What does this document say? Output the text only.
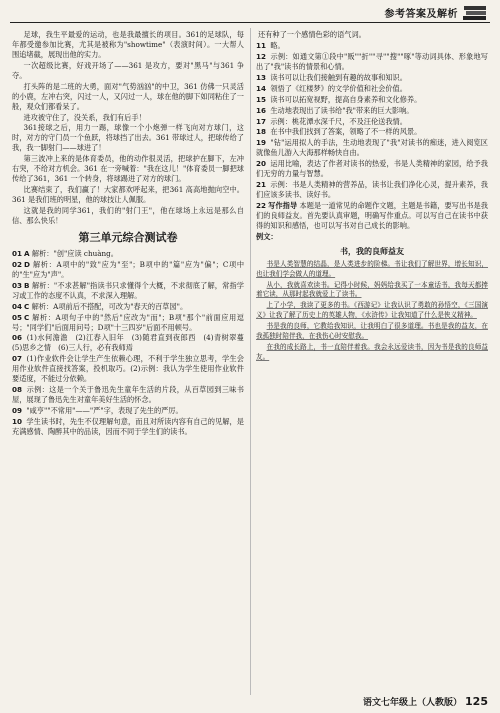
参考答案及解析

足球，我生平最爱的运动，也是我最擅长的项目。361的足球队，每年都受邀参加比赛，尤其是被称为"showtime"（表演时间）。一大帮人围追堵截，展现出他的实力。

一次超级比赛，好戏开场了——361 是攻方，要对"黑马"与361 争夺。

打头阵的是二班的大勇，面对"气势汹汹"的中卫，361 仿佛一只灵活的小鹿，左冲右突，闪过一人，又闪过一人，球在他的脚下如同粘住了一般，观众们都看呆了。

进攻被守住了，没关系，我们有后手！

361接球之后，用力一踢，球像一个小炮弹一样飞向对方球门，这时，对方的守门员一个鱼跃，将球挡了出去。361 带球过人，把球传给了我，我一脚射门——球进了！

第三波冲上来的是体育委员，他的动作很灵活，把球护在脚下，左冲右突，不给对方机会。361 在一旁喊着："我在这儿！"体育委员一脚把球传给了361，361 一个转身，将球踢进了对方的球门。

比赛结束了，我们赢了！大家都欢呼起来，把361 高高地抛向空中。361 是我们班的明星，他的球技让人佩服。

这就是我的同学361，我们的"射门王"，他在球场上永远是那么自信、那么快乐！

第三单元综合测试卷
01 A 解析："创"应读 chuàng。
02 D 解析：A项中的"致"应为"至"；B项中的"篇"应为"偏"；C项中的"生"应为"声"。
03 B 解析："不求甚解"指读书只求懂得个大概，不求彻底了解，常指学习或工作的态度不认真，不求深入理解。
04 C 解析：A项前后不搭配，可改为"春天的百草园"。
05 C 解析：A项句子中的"然后"应改为"而"；B项"那个"前面应用逗号；"同学们"后面用问号；D项"十三四岁"后面不用顿号。
06 (1)水何澹澹　(2)江春入旧年　(3)随君直到夜郎西　(4)青树翠蔓　(5)思乡之情　(6)三人行，必有我师焉
07 (1)作业软件会让学生产生依赖心理，不利于学生独立思考，学生会用作业软件直接找答案，投机取巧。(2)示例：我认为学生使用作业软件要适度，不能过分依赖。
08 示例：这是一个关于鲁迅先生童年生活的片段，从百草园到三味书屋，展现了鲁迅先生对童年美好生活的怀念。
09 "咸亨""不常用"——"严"字，表现了先生的严厉。
10 学生读书时，先生不仅理解句意，而且对所读内容有自己的见解，是充满感情、陶醉其中的品读，因而不同于学生们的读书。
还有种了一个感情色彩的语气词。
11 略。
12 示例：如通文第①段中"贩""折""寻""搜""啄"等动词具体、形象地写出了"我"读书的情景和心情。
13 读书可以让我们接触到有趣的故事和知识。
14 领悟了《红楼梦》的文学价值和社会价值。
15 读书可以拓宽视野，提高自身素养和文化修养。
16 生动地表现出了读书给"我"带来的巨大影响。
17 示例：桃花潭水深千尺，不及汪伦送我情。
18 在书中我们找到了答案，领略了不一样的风景。
19 "钻"运用拟人的手法，生动地表现了"我"对读书的痴迷，进入阅览区就像鱼儿游入大海那样畅快自由。
20 运用比喻，表达了作者对读书的热爱，书是人类精神的家园，给予我们无穷的力量与智慧。
21 示例：书是人类精神的营养品，读书让我们净化心灵，提升素养，我们应该多读书、读好书。
22 写作指导 本题是一道常见的命题作文题，主题是书籍，要写出书是我们的良师益友。首先要认真审题，明确写作重点。可以写自己在读书中获得的知识和感悟，也可以写书对自己成长的影响。
例文：
书，我的良师益友

书是人类智慧的结晶，是人类进步的阶梯。书让我们了解世界，增长知识，也让我们学会做人的道理。

从小，我就喜欢读书。记得小时候，妈妈给我买了一本童话书，我每天都捧着它读，从那时起我就爱上了读书。

上了小学，我读了更多的书。《西游记》让我认识了勇敢的孙悟空，《三国演义》让我了解了历史上的英雄人物，《水浒传》让我知道了什么是侠义精神。

书是我的良师，它教给我知识，让我明白了很多道理。书也是我的益友，在我孤独时陪伴我，在我伤心时安慰我。

在我的成长路上，书一直陪伴着我。我会永远爱读书，因为书是我的良师益友。

语文七年级上（人教版） 125
